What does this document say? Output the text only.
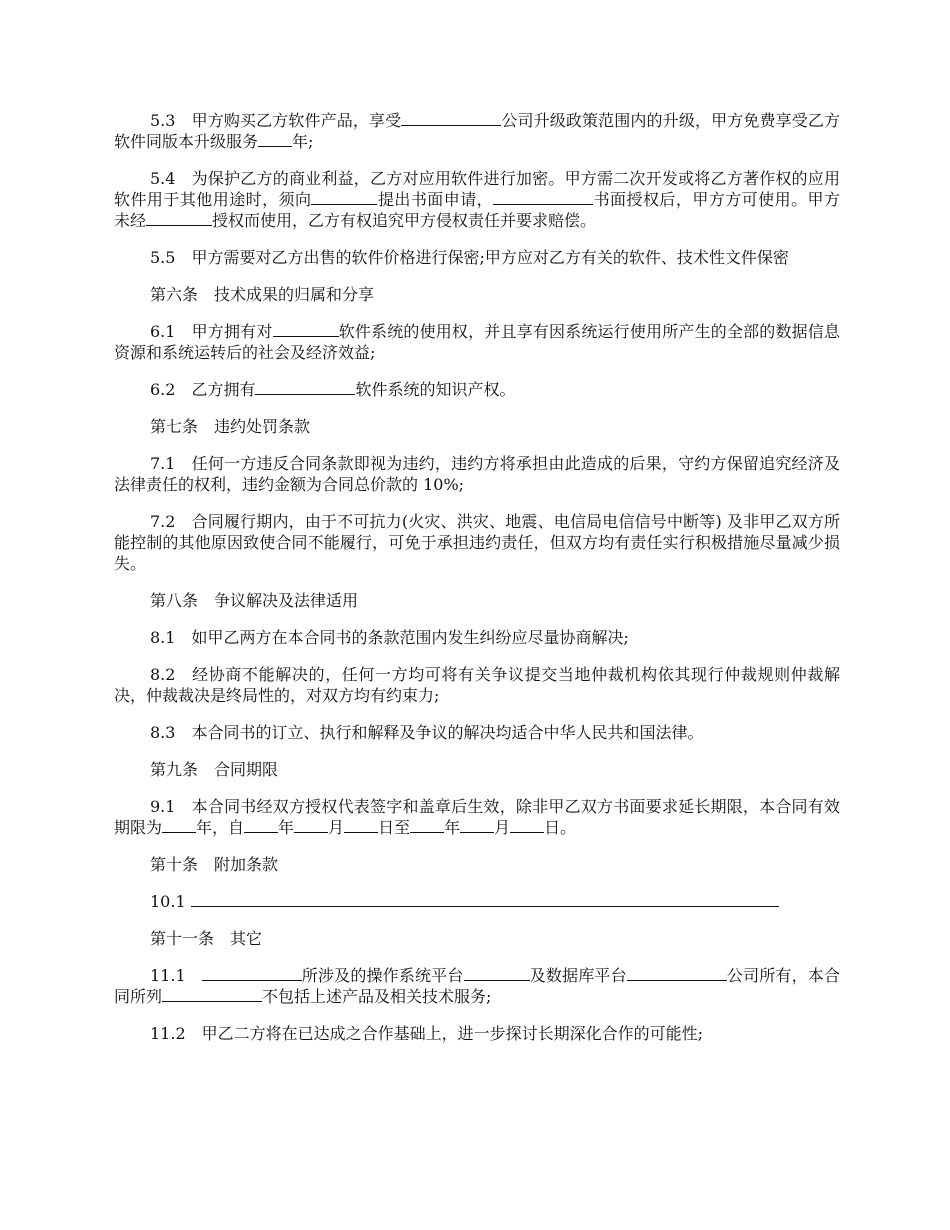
5.3 甲方购买乙方软件产品，享受	公司升级政策范围内的升级，甲方免费享受乙方软件同版本升级服务 年;

5.4 为保护乙方的商业利益，乙方对应用软件进行加密。甲方需二次开发或将乙方著作权的应用软件用于其他用途时，须向	提出书面申请，	书面授权后，甲方方可使用。甲方未经	授权而使用，乙方有权追究甲方侵权责任并要求赔偿。

5.5 甲方需要对乙方出售的软件价格进行保密;甲方应对乙方有关的软件、技术性文件保密

第六条 技术成果的归属和分享

6.1 甲方拥有对	软件系统的使用权，并且享有因系统运行使用所产生的全部的数据信息资源和系统运转后的社会及经济效益;

6.2 乙方拥有	软件系统的知识产权。

第七条 违约处罚条款

7.1 任何一方违反合同条款即视为违约，违约方将承担由此造成的后果，守约方保留追究经济及法律责任的权利，违约金额为合同总价款的 10%;

7.2 合同履行期内，由于不可抗力(火灾、洪灾、地震、电信局电信信号中断等) 及非甲乙双方所能控制的其他原因致使合同不能履行，可免于承担违约责任，但双方均有责任实行积极措施尽量减少损失。

第八条 争议解决及法律适用

8.1 如甲乙两方在本合同书的条款范围内发生纠纷应尽量协商解决;

8.2 经协商不能解决的，任何一方均可将有关争议提交当地仲裁机构依其现行仲裁规则仲裁解决，仲裁裁决是终局性的，对双方均有约束力;

8.3 本合同书的订立、执行和解释及争议的解决均适合中华人民共和国法律。

第九条 合同期限

9.1 本合同书经双方授权代表签字和盖章后生效，除非甲乙双方书面要求延长期限，本合同有效期限为 年，自 年 月 日至 年 月 日。

第十条 附加条款

10.1

第十一条 其它

11.1	所涉及的操作系统平台	及数据库平台	公司所有，本合同所列	不包括上述产品及相关技术服务;

11.2 甲乙二方将在已达成之合作基础上，进一步探讨长期深化合作的可能性;
